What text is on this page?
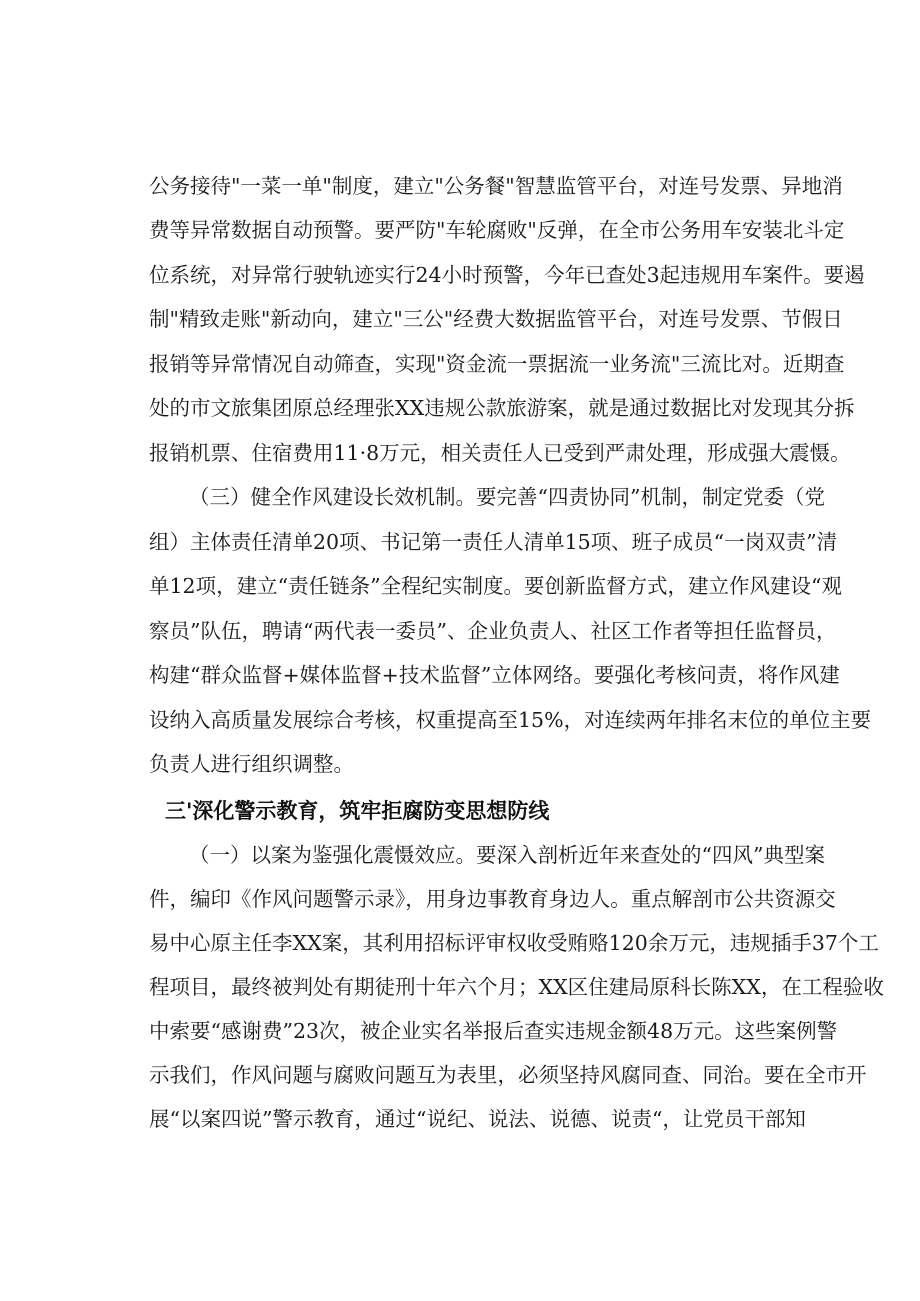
公务接待"一菜一单"制度，建立"公务餐"智慧监管平台，对连号发票、异地消
费等异常数据自动预警。要严防"车轮腐败"反弹，在全市公务用车安装北斗定
位系统，对异常行驶轨迹实行24小时预警，今年已查处3起违规用车案件。要遏
制"精致走账"新动向，建立"三公"经费大数据监管平台，对连号发票、节假日
报销等异常情况自动筛查，实现"资金流一票据流一业务流"三流比对。近期查
处的市文旅集团原总经理张XX违规公款旅游案，就是通过数据比对发现其分拆
报销机票、住宿费用11·8万元，相关责任人已受到严肃处理，形成强大震慑。
（三）健全作风建设长效机制。要完善“四责协同”机制，制定党委（党
组）主体责任清单20项、书记第一责任人清单15项、班子成员“一岗双责”清
单12项，建立“责任链条”全程纪实制度。要创新监督方式，建立作风建设“观
察员”队伍，聘请“两代表一委员”、企业负责人、社区工作者等担任监督员，
构建“群众监督+媒体监督+技术监督”立体网络。要强化考核问责，将作风建
设纳入高质量发展综合考核，权重提高至15%，对连续两年排名末位的单位主要
负责人进行组织调整。
三'深化警示教育，筑牢拒腐防变思想防线
（一）以案为鉴强化震慑效应。要深入剖析近年来查处的“四风”典型案
件，编印《作风问题警示录》，用身边事教育身边人。重点解剖市公共资源交
易中心原主任李XX案，其利用招标评审权收受贿赂120余万元，违规插手37个工
程项目，最终被判处有期徒刑十年六个月；XX区住建局原科长陈XX，在工程验收
中索要“感谢费”23次，被企业实名举报后查实违规金额48万元。这些案例警
示我们，作风问题与腐败问题互为表里，必须坚持风腐同查、同治。要在全市开
展“以案四说”警示教育，通过“说纪、说法、说德、说责“，让党员干部知
